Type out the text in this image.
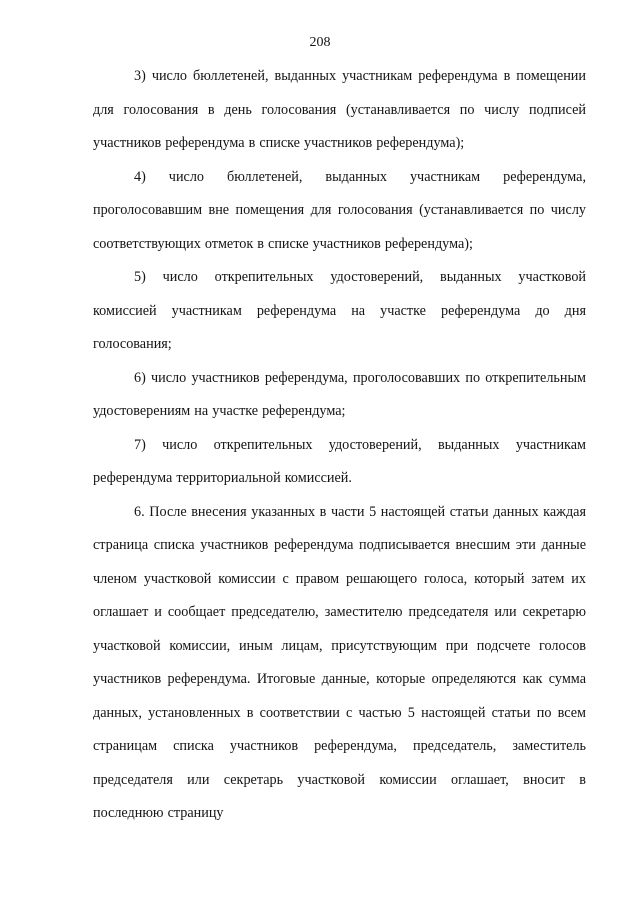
208

3) число бюллетеней, выданных участникам референдума в помещении для голосования в день голосования (устанавливается по числу подписей участников референдума в списке участников референдума);

4) число бюллетеней, выданных участникам референдума, проголосовавшим вне помещения для голосования (устанавливается по числу соответствующих отметок в списке участников референдума);

5) число открепительных удостоверений, выданных участковой комиссией участникам референдума на участке референдума до дня голосования;

6) число участников референдума, проголосовавших по открепительным удостоверениям на участке референдума;

7) число открепительных удостоверений, выданных участникам референдума территориальной комиссией.

6. После внесения указанных в части 5 настоящей статьи данных каждая страница списка участников референдума подписывается внесшим эти данные членом участковой комиссии с правом решающего голоса, который затем их оглашает и сообщает председателю, заместителю председателя или секретарю участковой комиссии, иным лицам, присутствующим при подсчете голосов участников референдума. Итоговые данные, которые определяются как сумма данных, установленных в соответствии с частью 5 настоящей статьи по всем страницам списка участников референдума, председатель, заместитель председателя или секретарь участковой комиссии оглашает, вносит в последнюю страницу
